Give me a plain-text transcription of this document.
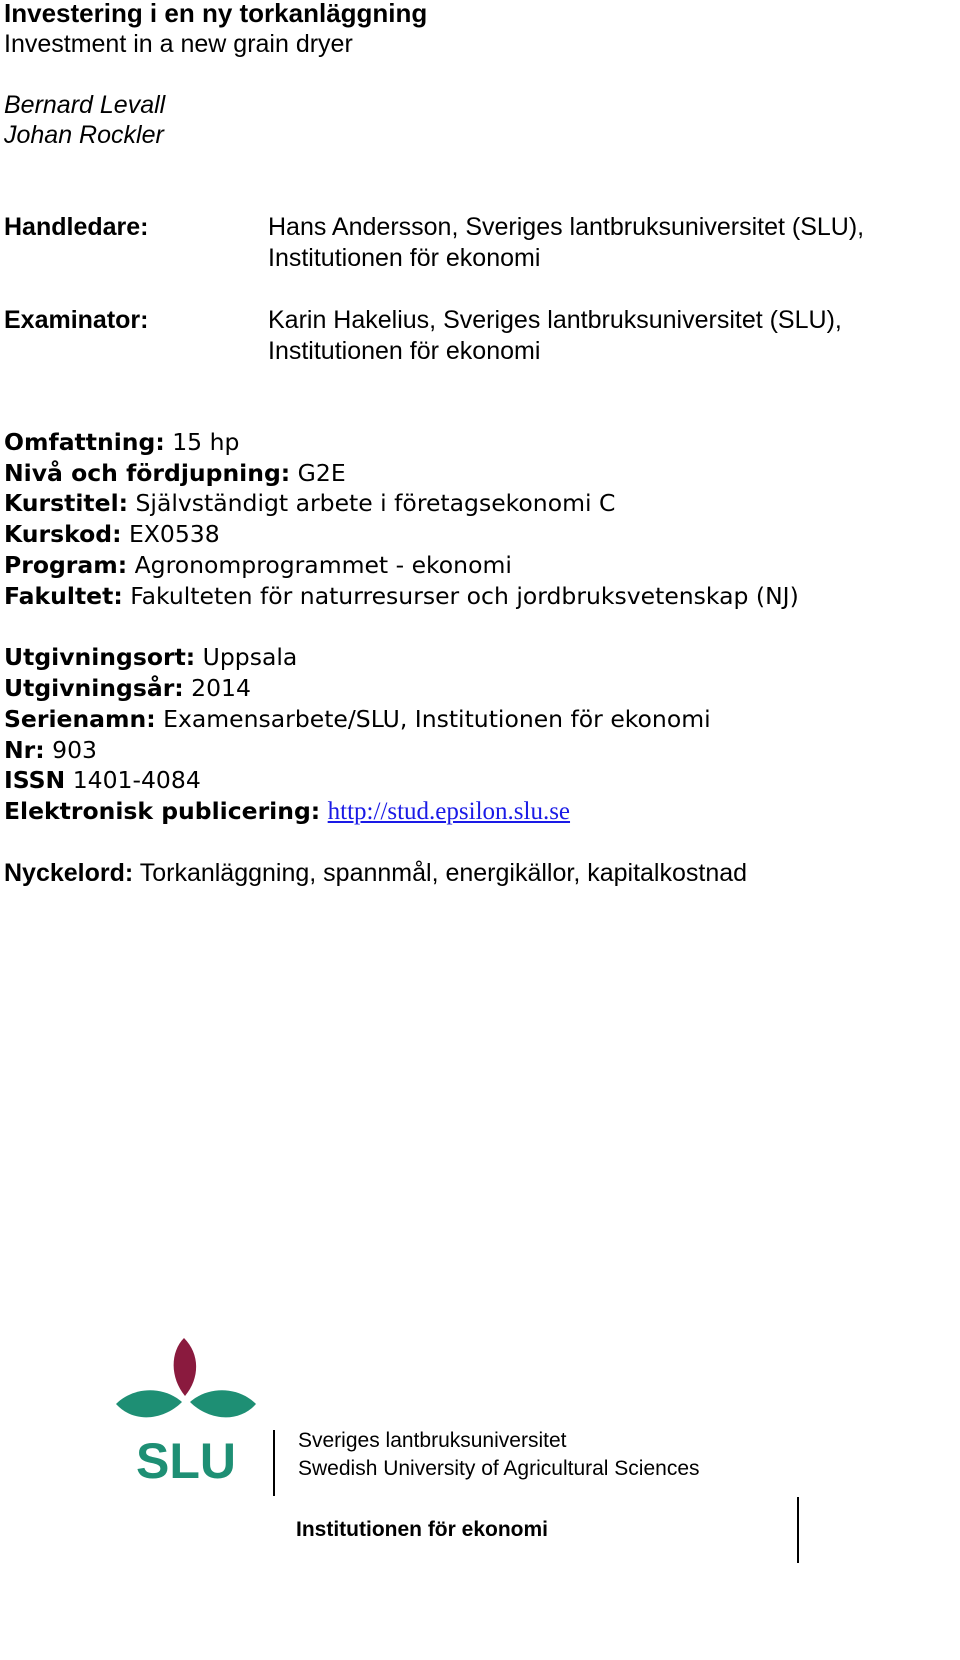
Investering i en ny torkanläggning
Investment in a new grain dryer
Bernard Levall
Johan Rockler
Handledare:	Hans Andersson, Sveriges lantbruksuniversitet (SLU),
Institutionen för ekonomi
Examinator:	Karin Hakelius, Sveriges lantbruksuniversitet (SLU),
Institutionen för ekonomi
Omfattning: 15 hp
Nivå och fördjupning: G2E
Kurstitel: Självständigt arbete i företagsekonomi C
Kurskod: EX0538
Program: Agronomprogrammet - ekonomi
Fakultet: Fakulteten för naturresurser och jordbruksvetenskap (NJ)
Utgivningsort: Uppsala
Utgivningsår: 2014
Serienamn: Examensarbete/SLU, Institutionen för ekonomi
Nr: 903
ISSN 1401-4084
Elektronisk publicering: http://stud.epsilon.slu.se
Nyckelord: Torkanläggning, spannmål, energikällor, kapitalkostnad
SLU	Sveriges lantbruksuniversitet
Swedish University of Agricultural Sciences
Institutionen för ekonomi
